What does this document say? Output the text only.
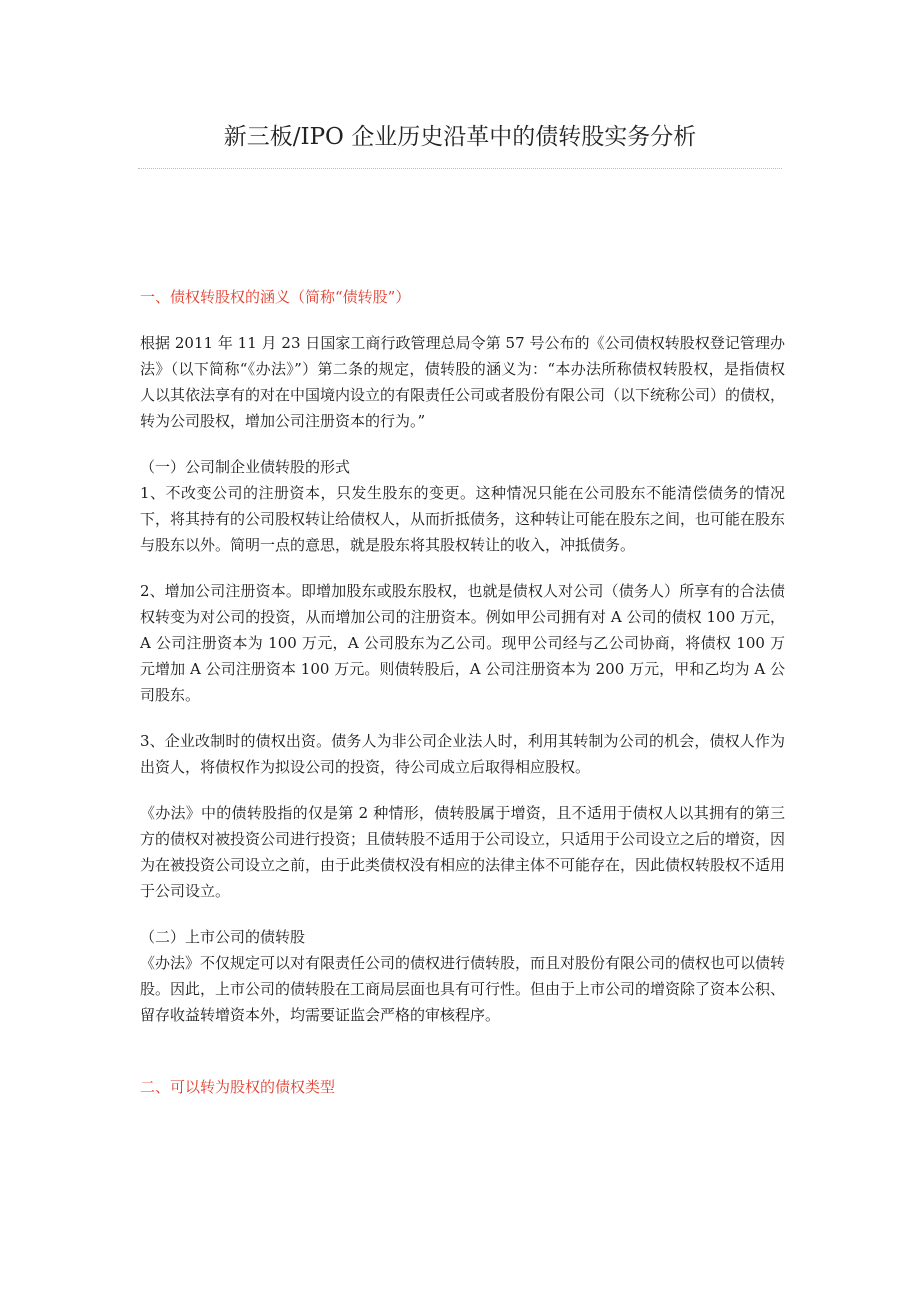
新三板/IPO 企业历史沿革中的债转股实务分析

一、债权转股权的涵义（简称“债转股”）

根据 2011 年 11 月 23 日国家工商行政管理总局令第 57 号公布的《公司债权转股权登记管理办法》（以下简称“《办法》”）第二条的规定，债转股的涵义为：“本办法所称债权转股权，是指债权人以其依法享有的对在中国境内设立的有限责任公司或者股份有限公司（以下统称公司）的债权，转为公司股权，增加公司注册资本的行为。”

（一）公司制企业债转股的形式

1、不改变公司的注册资本，只发生股东的变更。这种情况只能在公司股东不能清偿债务的情况下，将其持有的公司股权转让给债权人，从而折抵债务，这种转让可能在股东之间，也可能在股东与股东以外。简明一点的意思，就是股东将其股权转让的收入，冲抵债务。

2、增加公司注册资本。即增加股东或股东股权，也就是债权人对公司（债务人）所享有的合法债权转变为对公司的投资，从而增加公司的注册资本。例如甲公司拥有对 A 公司的债权 100 万元，A 公司注册资本为 100 万元，A 公司股东为乙公司。现甲公司经与乙公司协商，将债权 100 万元增加 A 公司注册资本 100 万元。则债转股后，A 公司注册资本为 200 万元，甲和乙均为 A 公司股东。

3、企业改制时的债权出资。债务人为非公司企业法人时，利用其转制为公司的机会，债权人作为出资人，将债权作为拟设公司的投资，待公司成立后取得相应股权。

《办法》中的债转股指的仅是第 2 种情形，债转股属于增资，且不适用于债权人以其拥有的第三方的债权对被投资公司进行投资；且债转股不适用于公司设立，只适用于公司设立之后的增资，因为在被投资公司设立之前，由于此类债权没有相应的法律主体不可能存在，因此债权转股权不适用于公司设立。

（二）上市公司的债转股

《办法》不仅规定可以对有限责任公司的债权进行债转股，而且对股份有限公司的债权也可以债转股。因此，上市公司的债转股在工商局层面也具有可行性。但由于上市公司的增资除了资本公积、留存收益转增资本外，均需要证监会严格的审核程序。

二、可以转为股权的债权类型
